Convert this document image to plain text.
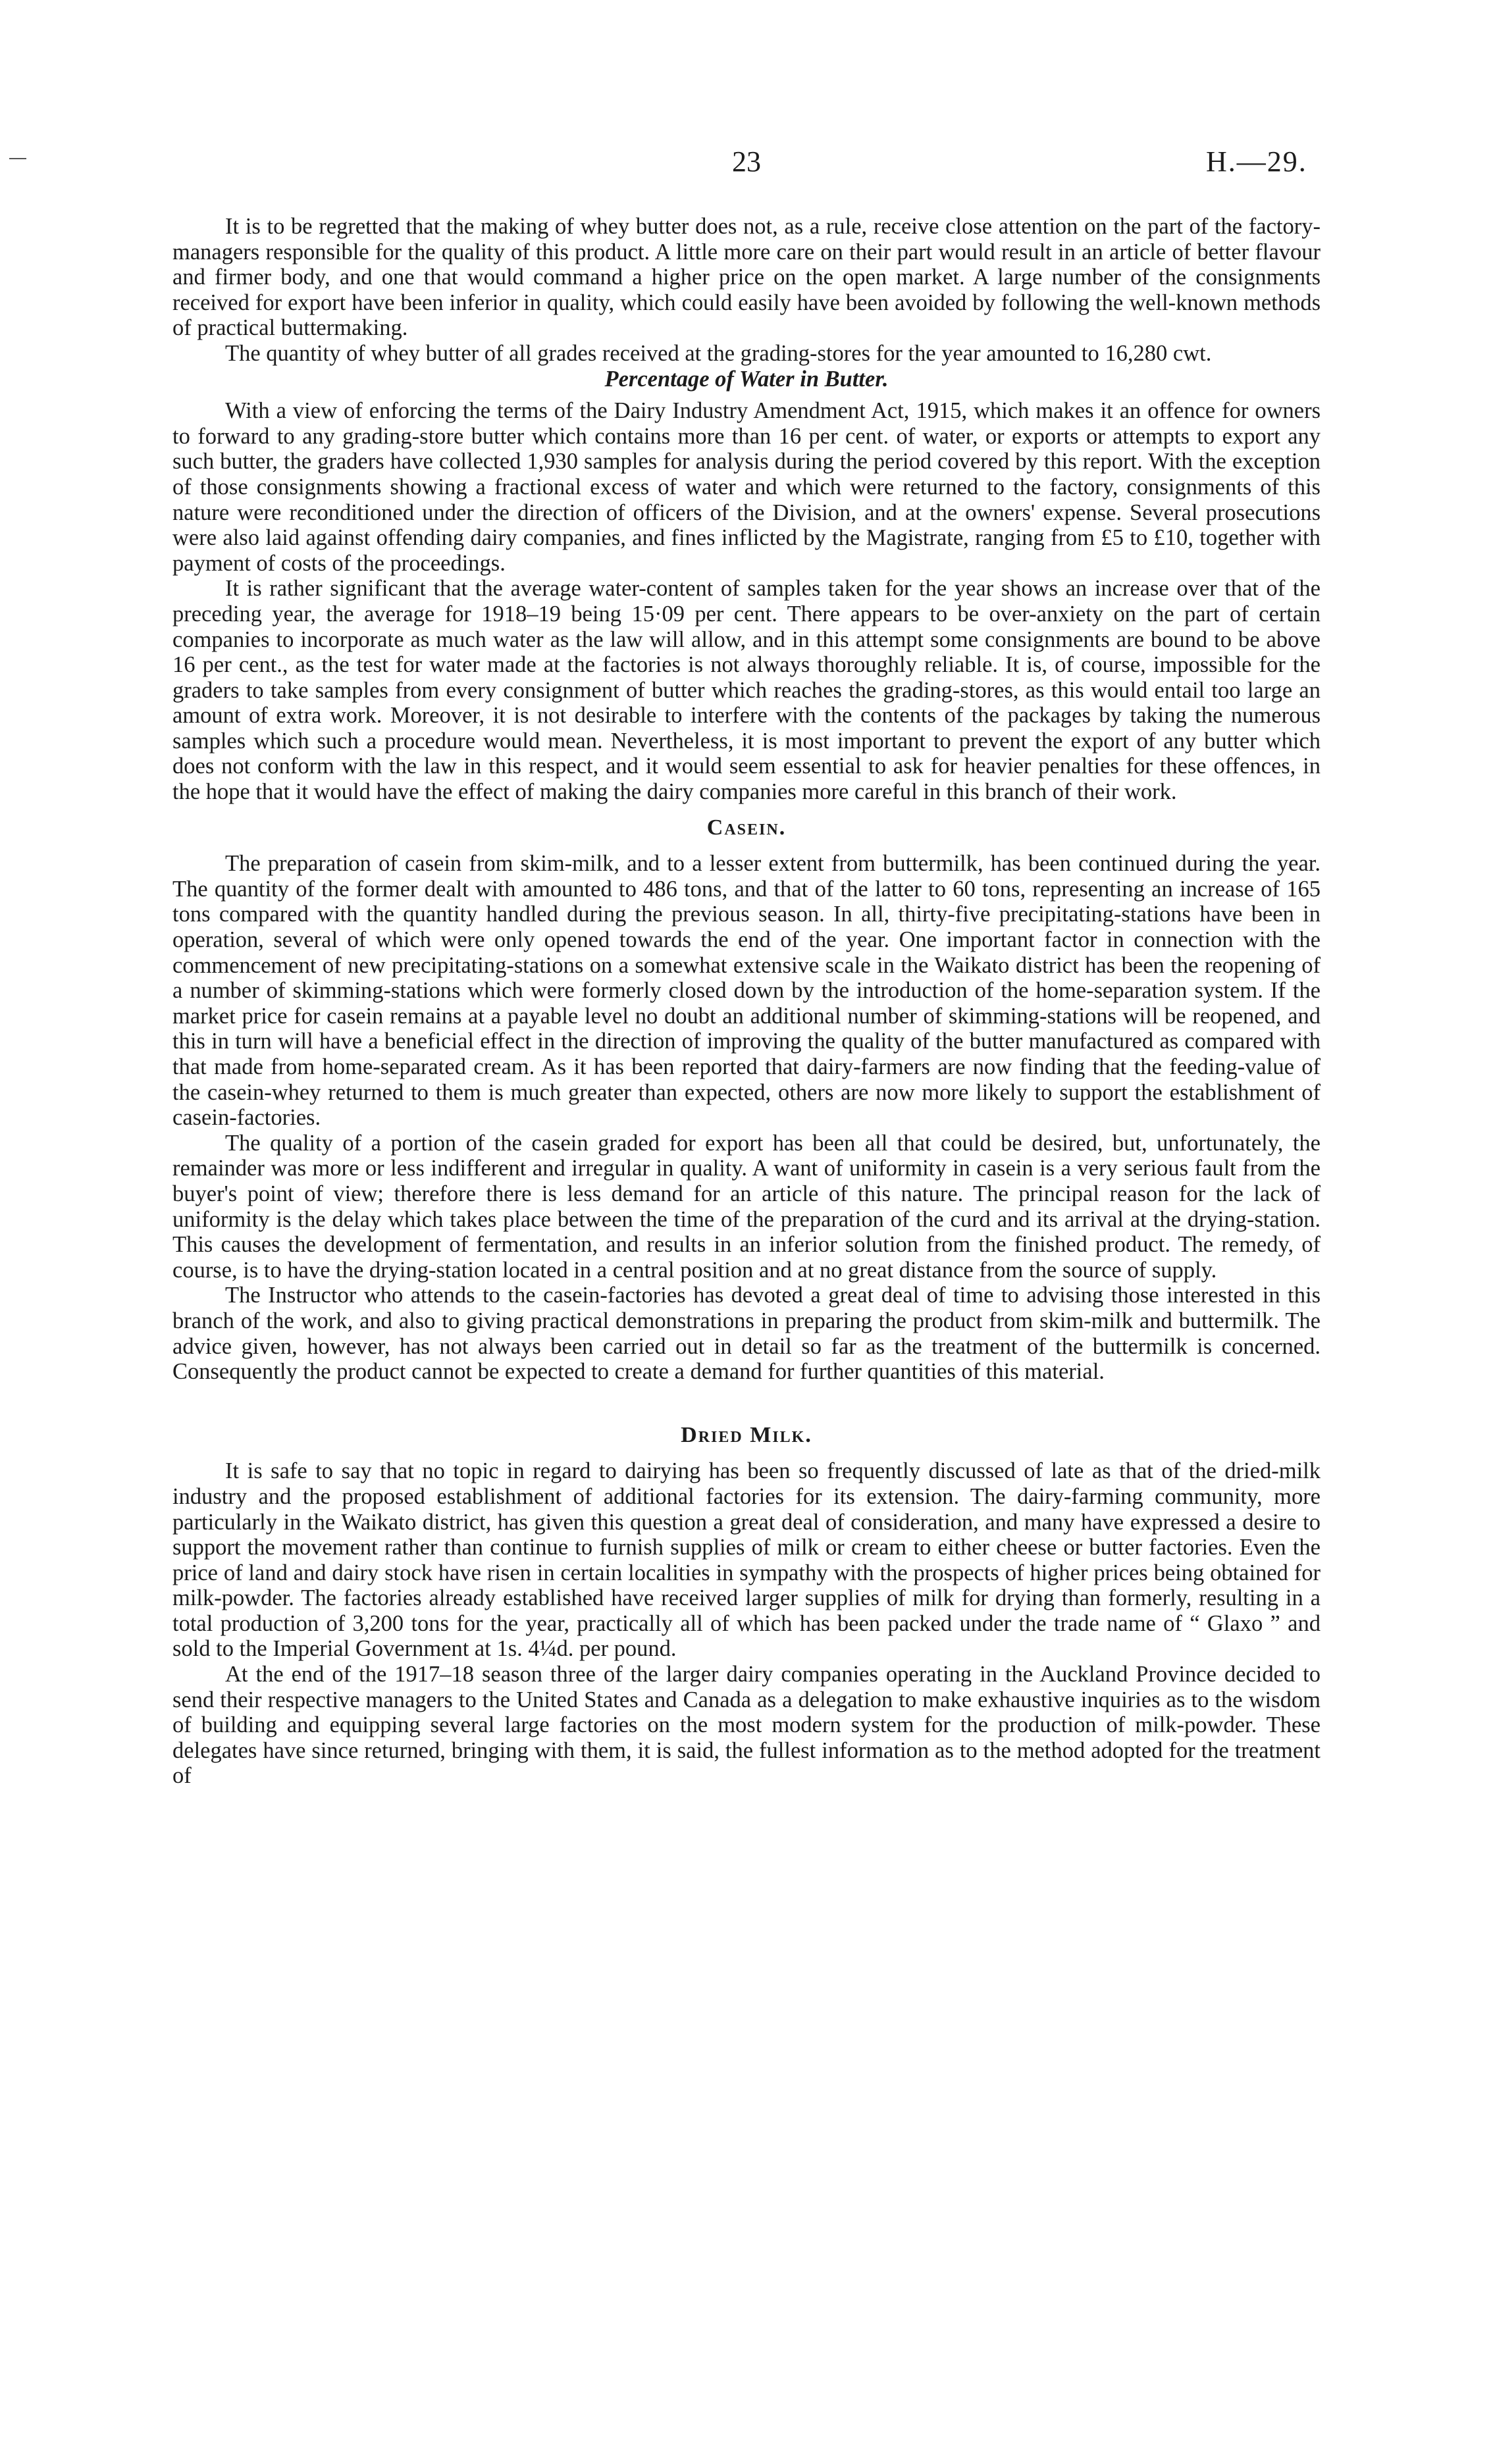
23	H.—29.

It is to be regretted that the making of whey butter does not, as a rule, receive close attention on the part of the factory-managers responsible for the quality of this product. A little more care on their part would result in an article of better flavour and firmer body, and one that would command a higher price on the open market. A large number of the consignments received for export have been inferior in quality, which could easily have been avoided by following the well-known methods of practical buttermaking.

The quantity of whey butter of all grades received at the grading-stores for the year amounted to 16,280 cwt.

Percentage of Water in Butter.

With a view of enforcing the terms of the Dairy Industry Amendment Act, 1915, which makes it an offence for owners to forward to any grading-store butter which contains more than 16 per cent. of water, or exports or attempts to export any such butter, the graders have collected 1,930 samples for analysis during the period covered by this report. With the exception of those consignments showing a fractional excess of water and which were returned to the factory, consignments of this nature were reconditioned under the direction of officers of the Division, and at the owners' expense. Several prosecutions were also laid against offending dairy companies, and fines inflicted by the Magistrate, ranging from £5 to £10, together with payment of costs of the proceedings.

It is rather significant that the average water-content of samples taken for the year shows an increase over that of the preceding year, the average for 1918–19 being 15·09 per cent. There appears to be over-anxiety on the part of certain companies to incorporate as much water as the law will allow, and in this attempt some consignments are bound to be above 16 per cent., as the test for water made at the factories is not always thoroughly reliable. It is, of course, impossible for the graders to take samples from every consignment of butter which reaches the grading-stores, as this would entail too large an amount of extra work. Moreover, it is not desirable to interfere with the contents of the packages by taking the numerous samples which such a procedure would mean. Nevertheless, it is most important to prevent the export of any butter which does not conform with the law in this respect, and it would seem essential to ask for heavier penalties for these offences, in the hope that it would have the effect of making the dairy companies more careful in this branch of their work.

Casein.

The preparation of casein from skim-milk, and to a lesser extent from buttermilk, has been continued during the year. The quantity of the former dealt with amounted to 486 tons, and that of the latter to 60 tons, representing an increase of 165 tons compared with the quantity handled during the previous season. In all, thirty-five precipitating-stations have been in operation, several of which were only opened towards the end of the year. One important factor in connection with the commencement of new precipitating-stations on a somewhat extensive scale in the Waikato district has been the reopening of a number of skimming-stations which were formerly closed down by the introduction of the home-separation system. If the market price for casein remains at a payable level no doubt an additional number of skimming-stations will be reopened, and this in turn will have a beneficial effect in the direction of improving the quality of the butter manufactured as compared with that made from home-separated cream. As it has been reported that dairy-farmers are now finding that the feeding-value of the casein-whey returned to them is much greater than expected, others are now more likely to support the establishment of casein-factories.

The quality of a portion of the casein graded for export has been all that could be desired, but, unfortunately, the remainder was more or less indifferent and irregular in quality. A want of uniformity in casein is a very serious fault from the buyer's point of view; therefore there is less demand for an article of this nature. The principal reason for the lack of uniformity is the delay which takes place between the time of the preparation of the curd and its arrival at the drying-station. This causes the development of fermentation, and results in an inferior solution from the finished product. The remedy, of course, is to have the drying-station located in a central position and at no great distance from the source of supply.

The Instructor who attends to the casein-factories has devoted a great deal of time to advising those interested in this branch of the work, and also to giving practical demonstrations in preparing the product from skim-milk and buttermilk. The advice given, however, has not always been carried out in detail so far as the treatment of the buttermilk is concerned. Consequently the product cannot be expected to create a demand for further quantities of this material.

Dried Milk.

It is safe to say that no topic in regard to dairying has been so frequently discussed of late as that of the dried-milk industry and the proposed establishment of additional factories for its extension. The dairy-farming community, more particularly in the Waikato district, has given this question a great deal of consideration, and many have expressed a desire to support the movement rather than continue to furnish supplies of milk or cream to either cheese or butter factories. Even the price of land and dairy stock have risen in certain localities in sympathy with the prospects of higher prices being obtained for milk-powder. The factories already established have received larger supplies of milk for drying than formerly, resulting in a total production of 3,200 tons for the year, practically all of which has been packed under the trade name of “ Glaxo ” and sold to the Imperial Government at 1s. 4¼d. per pound.

At the end of the 1917–18 season three of the larger dairy companies operating in the Auckland Province decided to send their respective managers to the United States and Canada as a delegation to make exhaustive inquiries as to the wisdom of building and equipping several large factories on the most modern system for the production of milk-powder. These delegates have since returned, bringing with them, it is said, the fullest information as to the method adopted for the treatment of
